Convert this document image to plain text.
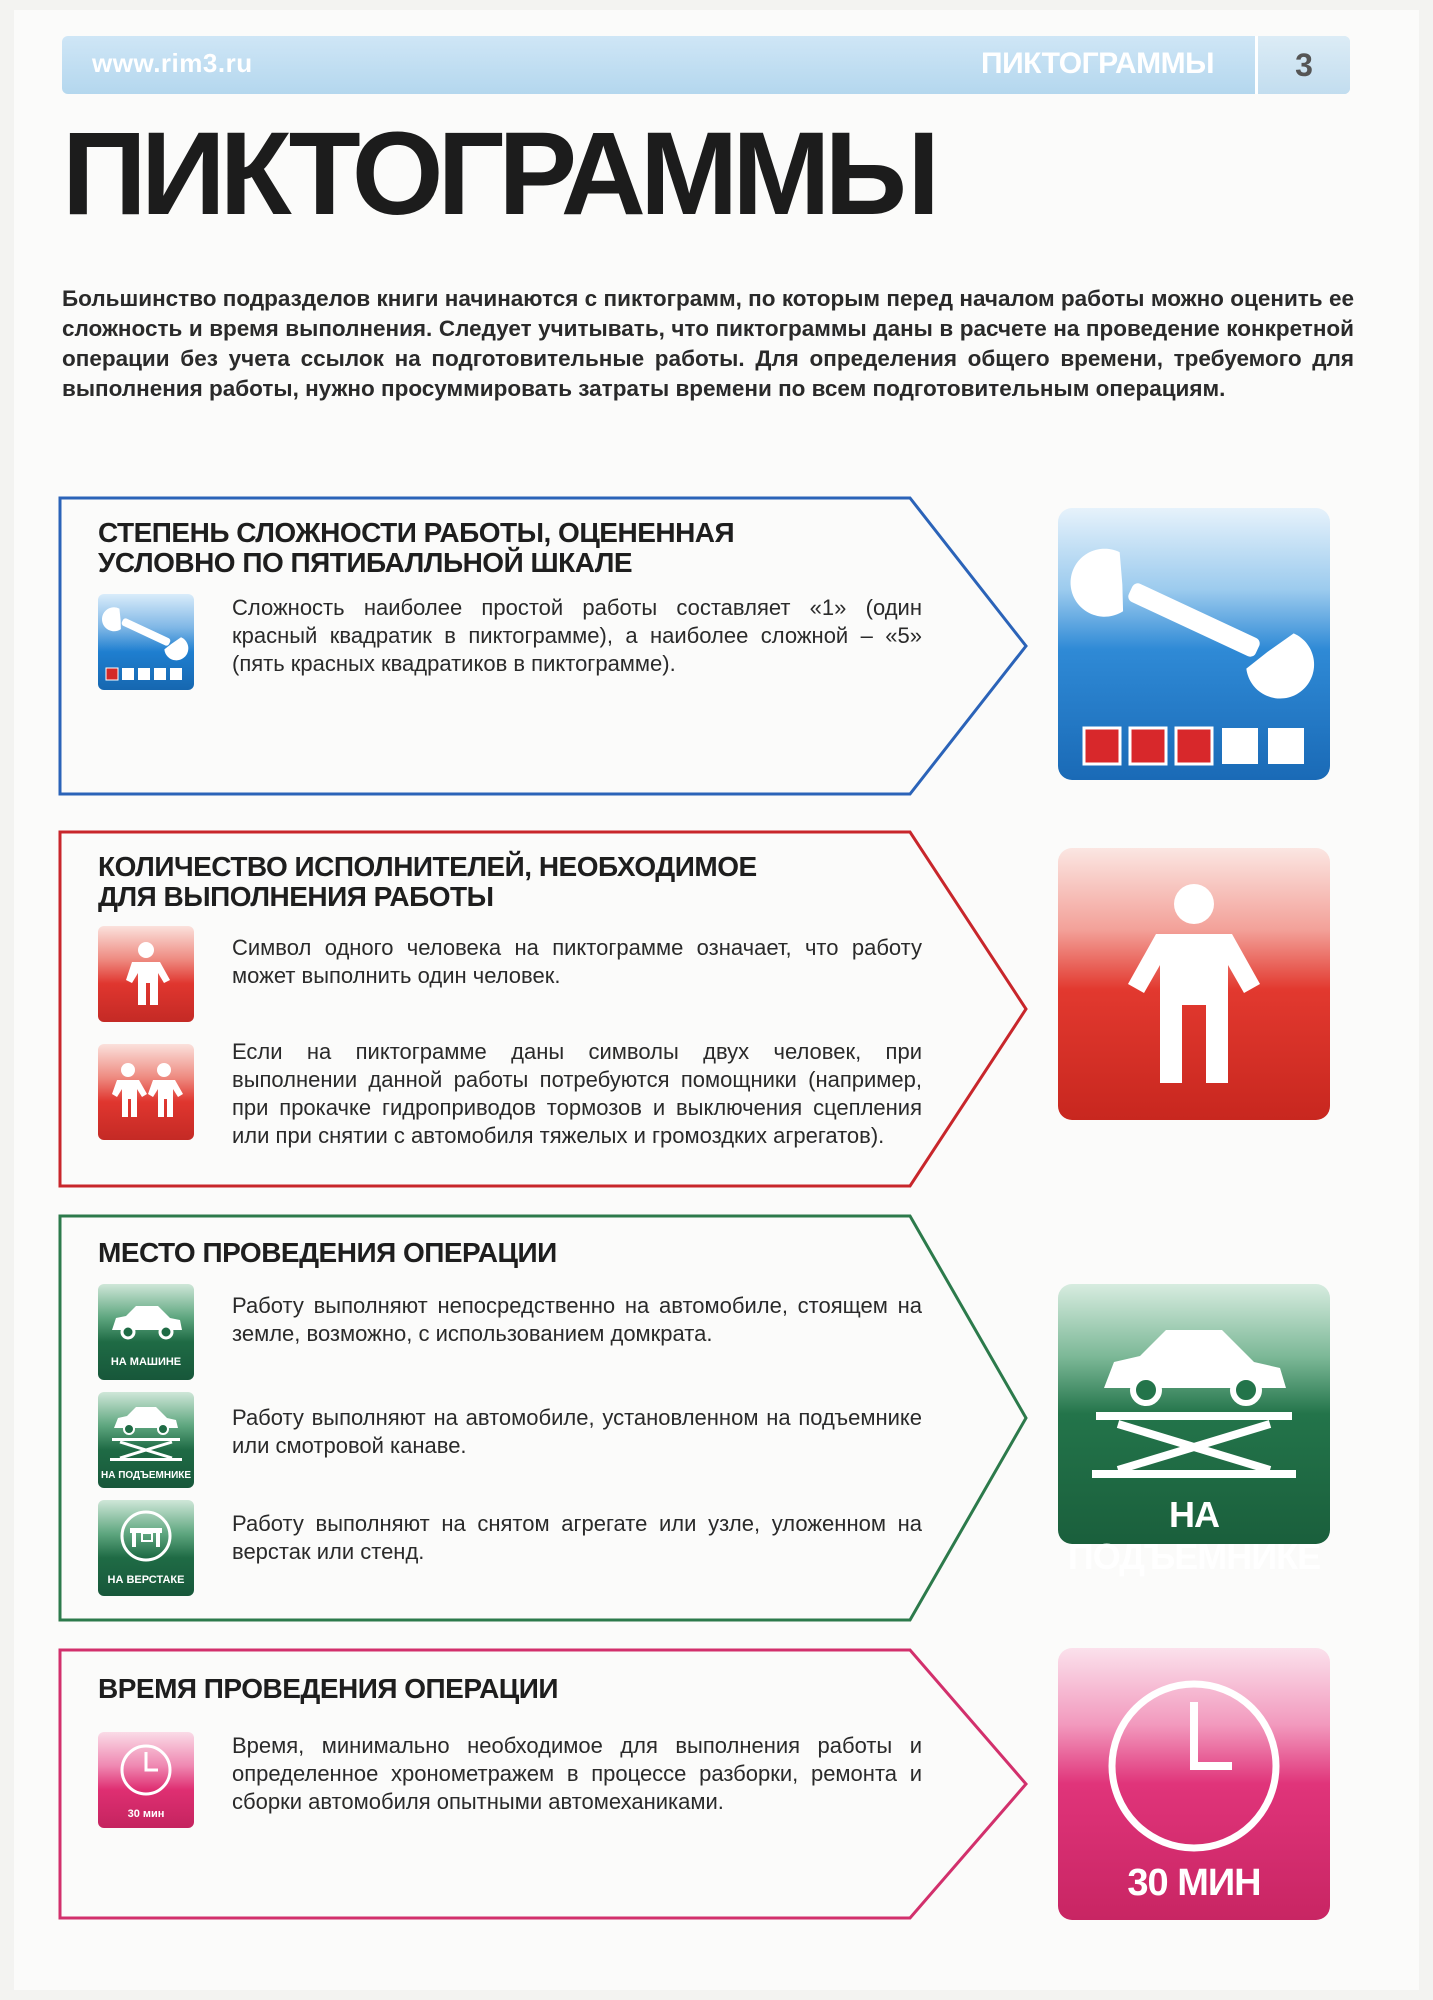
www.rim3.ru	ПИКТОГРАММЫ	3
ПИКТОГРАММЫ

Большинство подразделов книги начинаются с пиктограмм, по которым перед началом работы можно оценить ее сложность и время выполнения. Следует учитывать, что пиктограммы даны в расчете на проведение конкретной операции без учета ссылок на подготовительные работы. Для определения общего времени, требуемого для выполнения работы, нужно просуммировать затраты времени по всем подготовительным операциям.

СТЕПЕНЬ СЛОЖНОСТИ РАБОТЫ, ОЦЕНЕННАЯ
УСЛОВНО ПО ПЯТИБАЛЛЬНОЙ ШКАЛЕ

Сложность наиболее простой работы составляет «1» (один красный квадратик в пиктограмме), а наиболее сложной – «5» (пять красных квадратиков в пиктограмме).

КОЛИЧЕСТВО ИСПОЛНИТЕЛЕЙ, НЕОБХОДИМОЕ
ДЛЯ ВЫПОЛНЕНИЯ РАБОТЫ

Символ одного человека на пиктограмме означает, что работу может выполнить один человек.

Если на пиктограмме даны символы двух человек, при выполнении данной работы потребуются помощники (например, при прокачке гидроприводов тормозов и выключения сцепления или при снятии с автомобиля тяжелых и громоздких агрегатов).

МЕСТО ПРОВЕДЕНИЯ ОПЕРАЦИИ
НА МАШИНЕ

Работу выполняют непосредственно на автомобиле, стоящем на земле, возможно, с использованием домкрата.

НА ПОДЪЕМНИКЕ

Работу выполняют на автомобиле, установленном на подъемнике или смотровой канаве.

НА ВЕРСТАКЕ

Работу выполняют на снятом агрегате или узле, уложенном на верстак или стенд.

НА ПОДЪЕМНИКЕ
ВРЕМЯ ПРОВЕДЕНИЯ ОПЕРАЦИИ
30 мин

Время, минимально необходимое для выполнения работы и определенное хронометражем в процессе разборки, ремонта и сборки автомобиля опытными автомеханиками.

30 МИН
